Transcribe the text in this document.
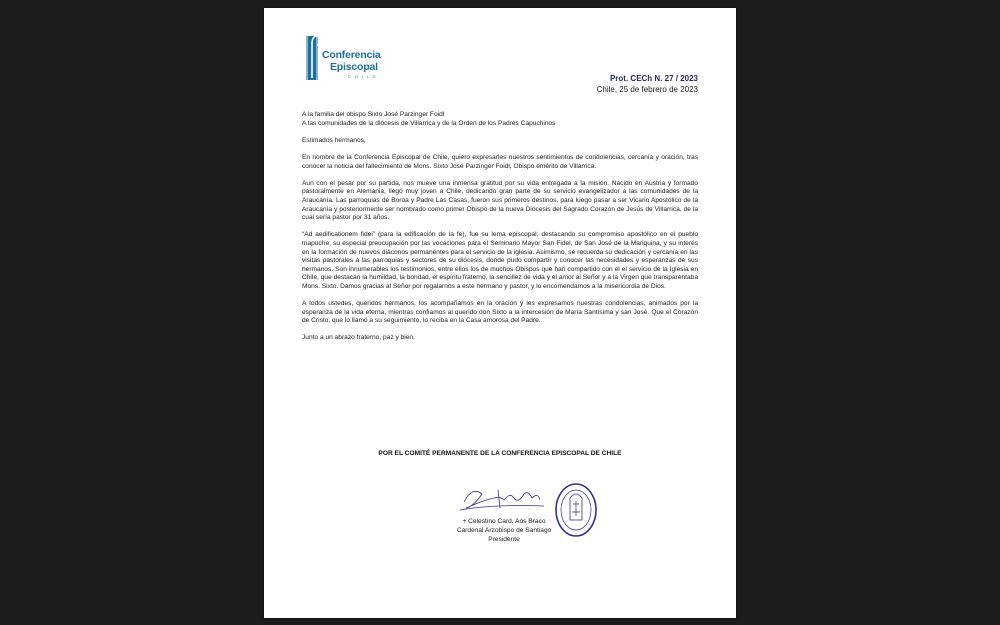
Conferencia
Episcopal
CHILE	Prot. CECh N. 27 / 2023
Chile, 25 de febrero de 2023

A la familia del obispo Sixto José Parzinger Foidl

A las comunidades de la diócesis de Villarrica y de la Orden de los Padres Capuchinos

Estimados hermanos,

En nombre de la Conferencia Episcopal de Chile, quiero expresarles nuestros sentimientos de condolencias, cercanía y oración, tras conocer la noticia del fallecimiento de Mons. Sixto José Parzinger Foidl, Obispo emérito de Villarrica.

Aun con el pesar por su partida, nos mueve una inmensa gratitud por su vida entregada a la misión. Nacido en Austria y formado pastoralmente en Alemania, llegó muy joven a Chile, dedicando gran parte de su servicio evangelizador a las comunidades de la Araucanía. Las parroquias de Boroa y Padre Las Casas, fueron sus primeros destinos, para luego pasar a ser Vicario Apostólico de la Araucanía y posteriormente ser nombrado como primer Obispo de la nueva Diócesis del Sagrado Corazón de Jesús de Villarrica, de la cual sería pastor por 31 años.

“Ad aedificationem fidei” (para la edificación de la fe), fue su lema episcopal; destacando su compromiso apostólico en el pueblo mapuche, su especial preocupación por las vocaciones para el Seminario Mayor San Fidel, de San José de la Mariquina, y su interés en la formación de nuevos diáconos permanentes para el servicio de la iglesia. Asimismo, se recuerda su dedicación y cercanía en las visitas pastorales a las parroquias y sectores de su diócesis, donde pudo compartir y conocer las necesidades y esperanzas de sus hermanos. Son innumerables los testimonios, entre ellos los de muchos Obispos que han compartido con él el servicio de la Iglesia en Chile, que destacan la humildad, la bondad, el espíritu fraterno, la sencillez de vida y el amor al Señor y a la Virgen que transparentaba Mons. Sixto. Damos gracias al Señor por regalarnos a este hermano y pastor, y lo encomendamos a la misericordia de Dios.

A todos ustedes, queridos hermanos, los acompañamos en la oración y les expresamos nuestras condolencias, animados por la esperanza de la vida eterna, mientras confiamos al querido don Sixto a la intercesión de María Santísima y san José. Que el Corazón de Cristo, que lo llamó a su seguimiento, lo reciba en la Casa amorosa del Padre.

Junto a un abrazo fraterno, paz y bien.

POR EL COMITÉ PERMANENTE DE LA CONFERENCIA EPISCOPAL DE CHILE
+ Celestino Card. Aós Braco
Cardenal Arzobispo de Santiago
Presidente
